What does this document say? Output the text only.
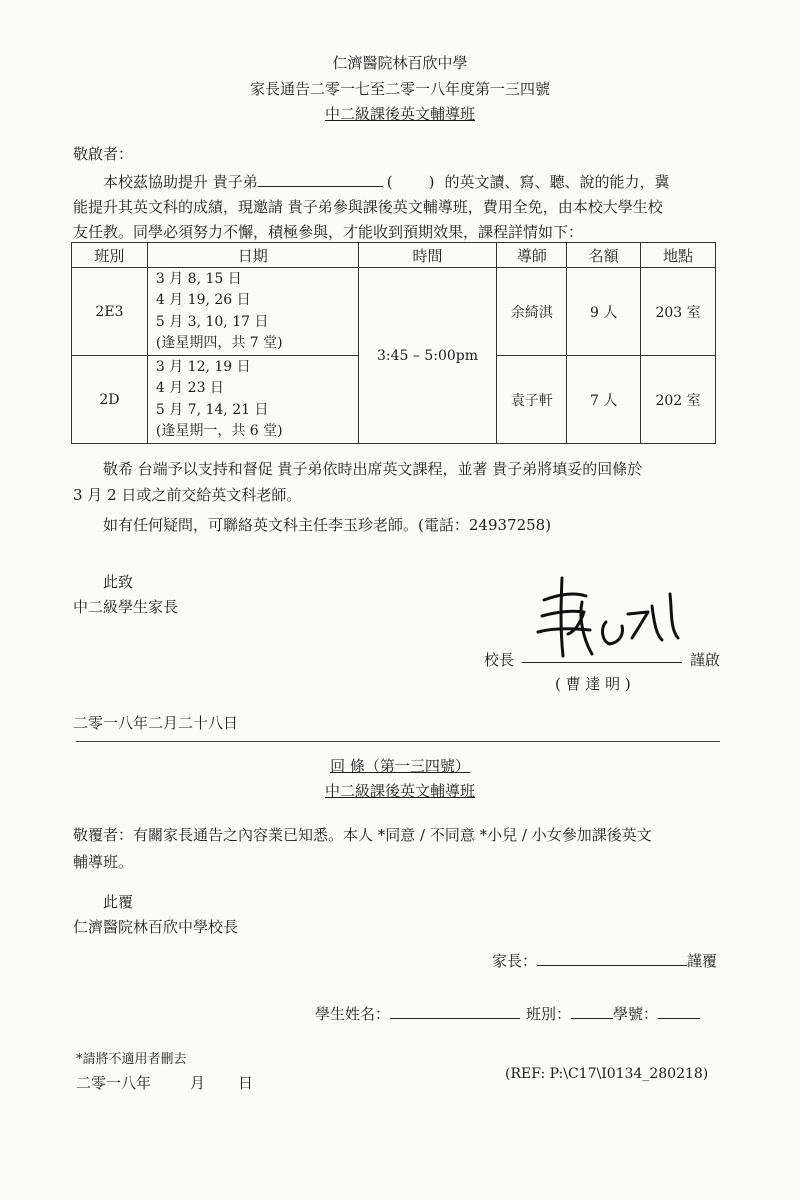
仁濟醫院林百欣中學
家長通告二零一七至二零一八年度第一三四號
中二級課後英文輔導班
敬啟者：
本校茲協助提升 貴子弟	( ) 的英文讀、寫、聽、說的能力，冀
能提升其英文科的成績，現邀請 貴子弟參與課後英文輔導班，費用全免，由本校大學生校
友任教。同學必須努力不懈，積極參與，才能收到預期效果，課程詳情如下：
班別	日期	時間	導師	名額	地點
2E3	3 月 8, 15 日
4 月 19, 26 日
5 月 3, 10, 17 日
(逢星期四，共 7 堂)	3:45 – 5:00pm	余綺淇	9 人	203 室
2D	3 月 12, 19 日
4 月 23 日
5 月 7, 14, 21 日
(逢星期一，共 6 堂)		袁子軒	7 人	202 室
敬希 台端予以支持和督促 貴子弟依時出席英文課程，並著 貴子弟將填妥的回條於
3 月 2 日或之前交給英文科老師。
如有任何疑問，可聯絡英文科主任李玉珍老師。(電話：24937258)
此致
中二級學生家長
校長	謹啟
( 曹 達 明 )
二零一八年二月二十八日
回 條（第一三四號）
中二級課後英文輔導班
敬覆者：有關家長通告之內容業已知悉。本人 *同意 / 不同意 *小兒 / 小女參加課後英文
輔導班。
此覆
仁濟醫院林百欣中學校長
家長：	謹覆
學生姓名：	班別：	學號：
*請將不適用者刪去
二零一八年	月 日	(REF: P:\C17\I0134_280218)
